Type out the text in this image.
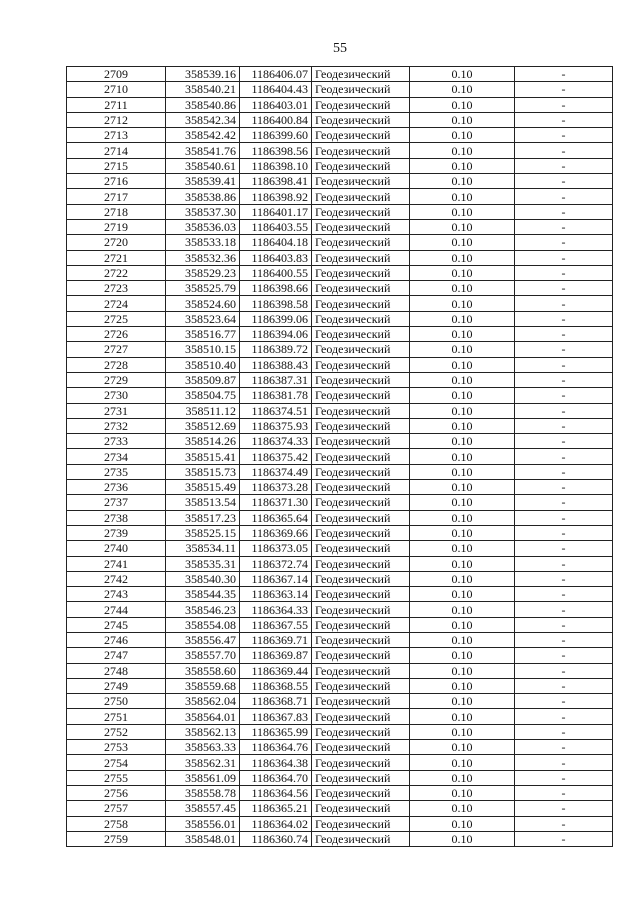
55
2709	358539.16	1186406.07	Геодезический	0.10	-
2710	358540.21	1186404.43	Геодезический	0.10	-
2711	358540.86	1186403.01	Геодезический	0.10	-
2712	358542.34	1186400.84	Геодезический	0.10	-
2713	358542.42	1186399.60	Геодезический	0.10	-
2714	358541.76	1186398.56	Геодезический	0.10	-
2715	358540.61	1186398.10	Геодезический	0.10	-
2716	358539.41	1186398.41	Геодезический	0.10	-
2717	358538.86	1186398.92	Геодезический	0.10	-
2718	358537.30	1186401.17	Геодезический	0.10	-
2719	358536.03	1186403.55	Геодезический	0.10	-
2720	358533.18	1186404.18	Геодезический	0.10	-
2721	358532.36	1186403.83	Геодезический	0.10	-
2722	358529.23	1186400.55	Геодезический	0.10	-
2723	358525.79	1186398.66	Геодезический	0.10	-
2724	358524.60	1186398.58	Геодезический	0.10	-
2725	358523.64	1186399.06	Геодезический	0.10	-
2726	358516.77	1186394.06	Геодезический	0.10	-
2727	358510.15	1186389.72	Геодезический	0.10	-
2728	358510.40	1186388.43	Геодезический	0.10	-
2729	358509.87	1186387.31	Геодезический	0.10	-
2730	358504.75	1186381.78	Геодезический	0.10	-
2731	358511.12	1186374.51	Геодезический	0.10	-
2732	358512.69	1186375.93	Геодезический	0.10	-
2733	358514.26	1186374.33	Геодезический	0.10	-
2734	358515.41	1186375.42	Геодезический	0.10	-
2735	358515.73	1186374.49	Геодезический	0.10	-
2736	358515.49	1186373.28	Геодезический	0.10	-
2737	358513.54	1186371.30	Геодезический	0.10	-
2738	358517.23	1186365.64	Геодезический	0.10	-
2739	358525.15	1186369.66	Геодезический	0.10	-
2740	358534.11	1186373.05	Геодезический	0.10	-
2741	358535.31	1186372.74	Геодезический	0.10	-
2742	358540.30	1186367.14	Геодезический	0.10	-
2743	358544.35	1186363.14	Геодезический	0.10	-
2744	358546.23	1186364.33	Геодезический	0.10	-
2745	358554.08	1186367.55	Геодезический	0.10	-
2746	358556.47	1186369.71	Геодезический	0.10	-
2747	358557.70	1186369.87	Геодезический	0.10	-
2748	358558.60	1186369.44	Геодезический	0.10	-
2749	358559.68	1186368.55	Геодезический	0.10	-
2750	358562.04	1186368.71	Геодезический	0.10	-
2751	358564.01	1186367.83	Геодезический	0.10	-
2752	358562.13	1186365.99	Геодезический	0.10	-
2753	358563.33	1186364.76	Геодезический	0.10	-
2754	358562.31	1186364.38	Геодезический	0.10	-
2755	358561.09	1186364.70	Геодезический	0.10	-
2756	358558.78	1186364.56	Геодезический	0.10	-
2757	358557.45	1186365.21	Геодезический	0.10	-
2758	358556.01	1186364.02	Геодезический	0.10	-
2759	358548.01	1186360.74	Геодезический	0.10	-
